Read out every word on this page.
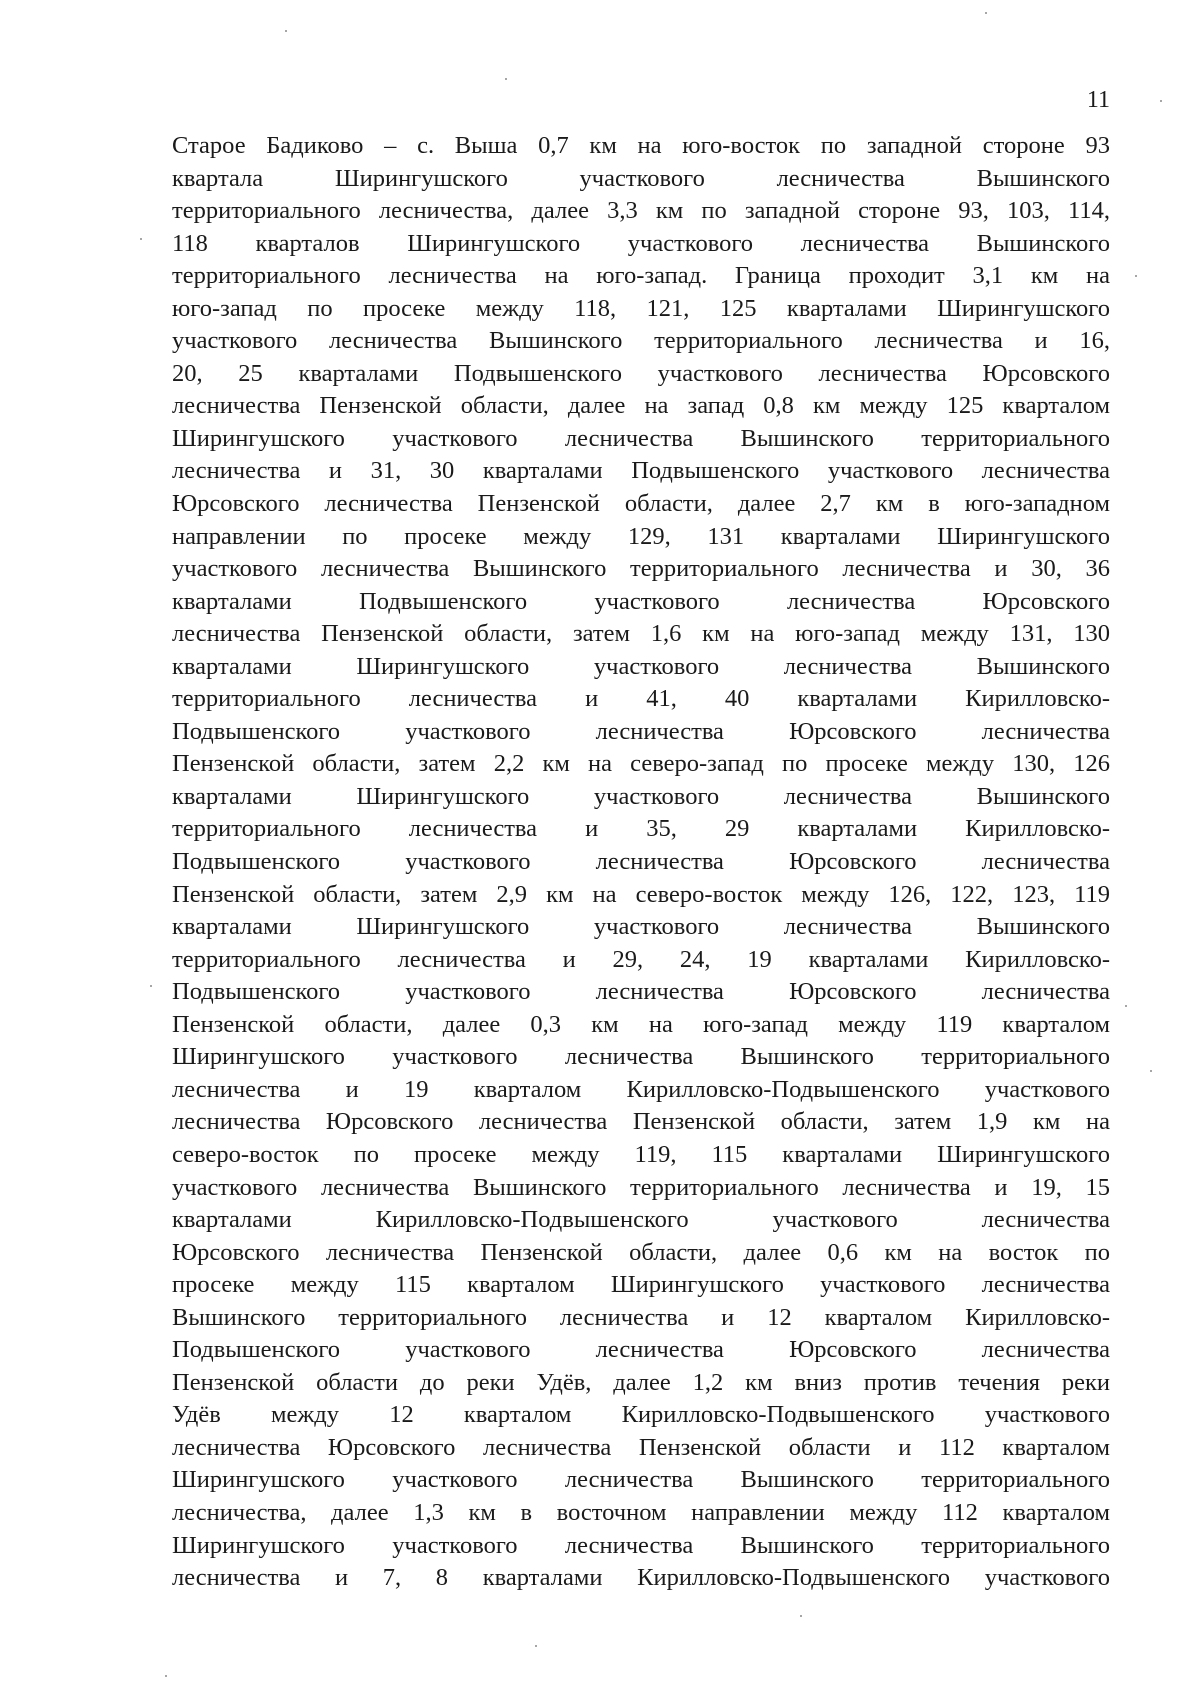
11
Старое Бадиково – с. Выша 0,7 км на юго-восток по западной стороне 93
квартала Ширингушского участкового лесничества Вышинского
территориального лесничества, далее 3,3 км по западной стороне 93, 103, 114,
118 кварталов Ширингушского участкового лесничества Вышинского
территориального лесничества на юго-запад. Граница проходит 3,1 км на
юго-запад по просеке между 118, 121, 125 кварталами Ширингушского
участкового лесничества Вышинского территориального лесничества и 16,
20, 25 кварталами Подвышенского участкового лесничества Юрсовского
лесничества Пензенской области, далее на запад 0,8 км между 125 кварталом
Ширингушского участкового лесничества Вышинского территориального
лесничества и 31, 30 кварталами Подвышенского участкового лесничества
Юрсовского лесничества Пензенской области, далее 2,7 км в юго-западном
направлении по просеке между 129, 131 кварталами Ширингушского
участкового лесничества Вышинского территориального лесничества и 30, 36
кварталами Подвышенского участкового лесничества Юрсовского
лесничества Пензенской области, затем 1,6 км на юго-запад между 131, 130
кварталами Ширингушского участкового лесничества Вышинского
территориального лесничества и 41, 40 кварталами Кирилловско-
Подвышенского участкового лесничества Юрсовского лесничества
Пензенской области, затем 2,2 км на северо-запад по просеке между 130, 126
кварталами Ширингушского участкового лесничества Вышинского
территориального лесничества и 35, 29 кварталами Кирилловско-
Подвышенского участкового лесничества Юрсовского лесничества
Пензенской области, затем 2,9 км на северо-восток между 126, 122, 123, 119
кварталами Ширингушского участкового лесничества Вышинского
территориального лесничества и 29, 24, 19 кварталами Кирилловско-
Подвышенского участкового лесничества Юрсовского лесничества
Пензенской области, далее 0,3 км на юго-запад между 119 кварталом
Ширингушского участкового лесничества Вышинского территориального
лесничества и 19 кварталом Кирилловско-Подвышенского участкового
лесничества Юрсовского лесничества Пензенской области, затем 1,9 км на
северо-восток по просеке между 119, 115 кварталами Ширингушского
участкового лесничества Вышинского территориального лесничества и 19, 15
кварталами Кирилловско-Подвышенского участкового лесничества
Юрсовского лесничества Пензенской области, далее 0,6 км на восток по
просеке между 115 кварталом Ширингушского участкового лесничества
Вышинского территориального лесничества и 12 кварталом Кирилловско-
Подвышенского участкового лесничества Юрсовского лесничества
Пензенской области до реки Удёв, далее 1,2 км вниз против течения реки
Удёв между 12 кварталом Кирилловско-Подвышенского участкового
лесничества Юрсовского лесничества Пензенской области и 112 кварталом
Ширингушского участкового лесничества Вышинского территориального
лесничества, далее 1,3 км в восточном направлении между 112 кварталом
Ширингушского участкового лесничества Вышинского территориального
лесничества и 7, 8 кварталами Кирилловско-Подвышенского участкового
